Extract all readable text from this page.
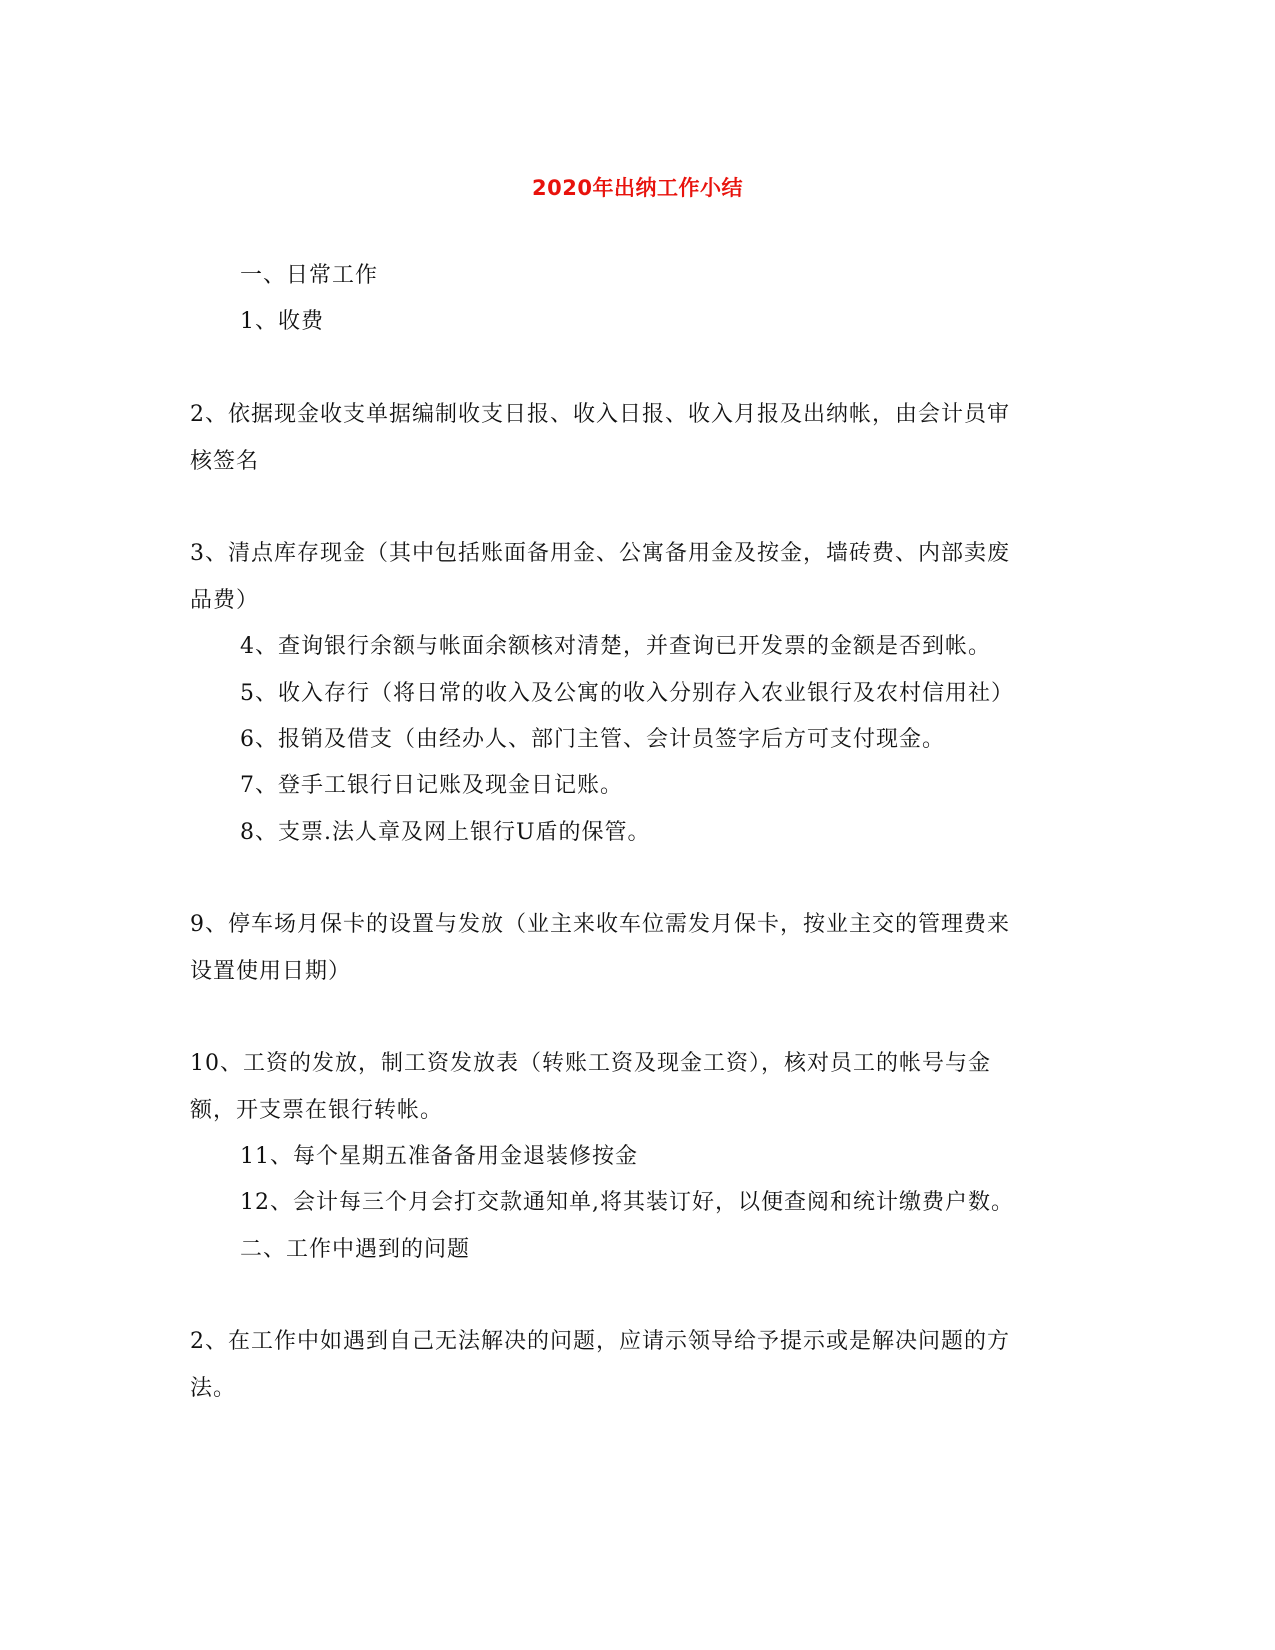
2020年出纳工作小结
一、日常工作
1、收费
2、依据现金收支单据编制收支日报、收入日报、收入月报及出纳帐，由会计员审
核签名
3、清点库存现金（其中包括账面备用金、公寓备用金及按金，墙砖费、内部卖废
品费）
4、查询银行余额与帐面余额核对清楚，并查询已开发票的金额是否到帐。
5、收入存行（将日常的收入及公寓的收入分别存入农业银行及农村信用社）
6、报销及借支（由经办人、部门主管、会计员签字后方可支付现金。
7、登手工银行日记账及现金日记账。
8、支票.法人章及网上银行U盾的保管。
9、停车场月保卡的设置与发放（业主来收车位需发月保卡，按业主交的管理费来
设置使用日期）
10、工资的发放，制工资发放表（转账工资及现金工资），核对员工的帐号与金
额，开支票在银行转帐。
11、每个星期五准备备用金退装修按金
12、会计每三个月会打交款通知单,将其装订好，以便查阅和统计缴费户数。
二、工作中遇到的问题
2、在工作中如遇到自己无法解决的问题，应请示领导给予提示或是解决问题的方
法。
